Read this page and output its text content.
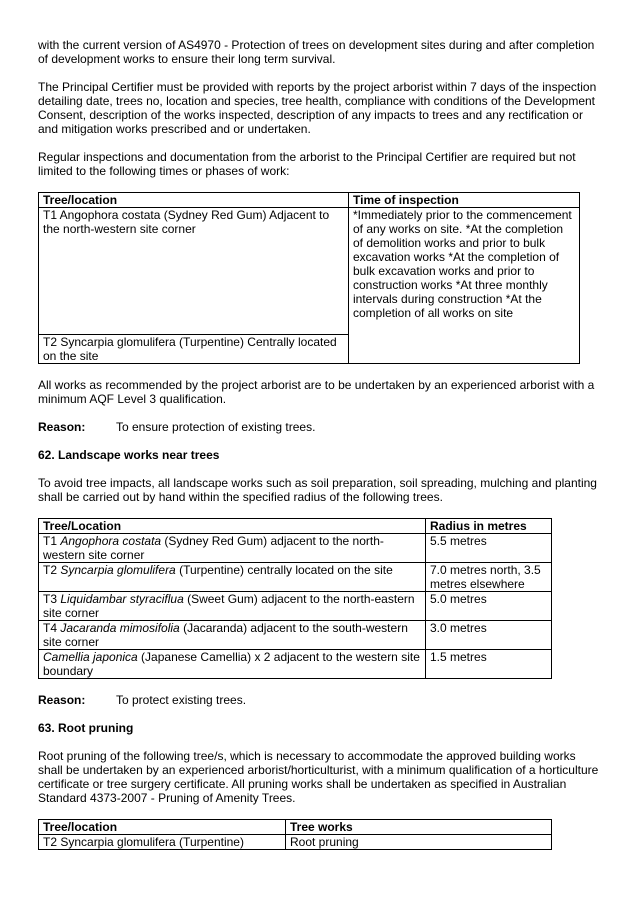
with the current version of AS4970 - Protection of trees on development sites during and after completion of development works to ensure their long term survival.

The Principal Certifier must be provided with reports by the project arborist within 7 days of the inspection detailing date, trees no, location and species, tree health, compliance with conditions of the Development Consent, description of the works inspected, description of any impacts to trees and any rectification or and mitigation works prescribed and or undertaken.

Regular inspections and documentation from the arborist to the Principal Certifier are required but not limited to the following times or phases of work:

Tree/location	Time of inspection
T1 Angophora costata (Sydney Red Gum) Adjacent to the north-western site corner	*Immediately prior to the commencement of any works on site. *At the completion of demolition works and prior to bulk excavation works *At the completion of bulk excavation works and prior to construction works *At three monthly intervals during construction *At the completion of all works on site
T2 Syncarpia glomulifera (Turpentine) Centrally located on the site	

All works as recommended by the project arborist are to be undertaken by an experienced arborist with a minimum AQF Level 3 qualification.

Reason:	To ensure protection of existing trees.

62. Landscape works near trees

To avoid tree impacts, all landscape works such as soil preparation, soil spreading, mulching and planting shall be carried out by hand within the specified radius of the following trees.

Tree/Location	Radius in metres
T1 Angophora costata (Sydney Red Gum) adjacent to the north-western site corner	5.5 metres
T2 Syncarpia glomulifera (Turpentine) centrally located on the site	7.0 metres north, 3.5 metres elsewhere
T3 Liquidambar styraciflua (Sweet Gum) adjacent to the north-eastern site corner	5.0 metres
T4 Jacaranda mimosifolia (Jacaranda) adjacent to the south-western site corner	3.0 metres
Camellia japonica (Japanese Camellia) x 2 adjacent to the western site boundary	1.5 metres

Reason:	To protect existing trees.

63. Root pruning

Root pruning of the following tree/s, which is necessary to accommodate the approved building works shall be undertaken by an experienced arborist/horticulturist, with a minimum qualification of a horticulture certificate or tree surgery certificate. All pruning works shall be undertaken as specified in Australian Standard 4373-2007 - Pruning of Amenity Trees.

Tree/location	Tree works
T2 Syncarpia glomulifera (Turpentine)	Root pruning
